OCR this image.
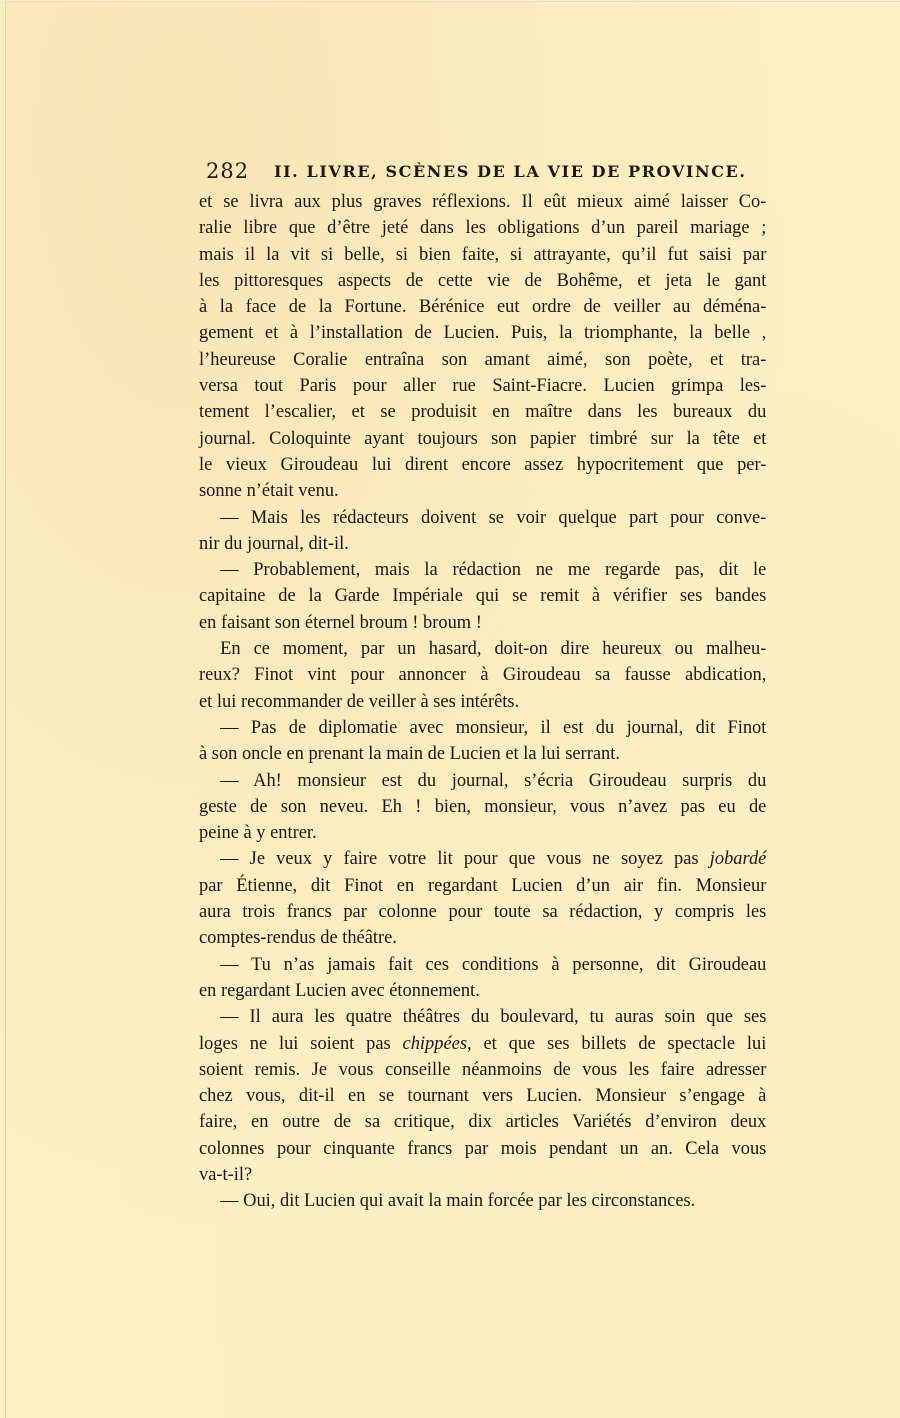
282 II. LIVRE, SCÈNES DE LA VIE DE PROVINCE.
et se livra aux plus graves réflexions. Il eût mieux aimé laisser Co-
ralie libre que d’être jeté dans les obligations d’un pareil mariage ;
mais il la vit si belle, si bien faite, si attrayante, qu’il fut saisi par
les pittoresques aspects de cette vie de Bohême, et jeta le gant
à la face de la Fortune. Bérénice eut ordre de veiller au déména-
gement et à l’installation de Lucien. Puis, la triomphante, la belle ,
l’heureuse Coralie entraîna son amant aimé, son poète, et tra-
versa tout Paris pour aller rue Saint-Fiacre. Lucien grimpa les-
tement l’escalier, et se produisit en maître dans les bureaux du
journal. Coloquinte ayant toujours son papier timbré sur la tête et
le vieux Giroudeau lui dirent encore assez hypocritement que per-
sonne n’était venu.
— Mais les rédacteurs doivent se voir quelque part pour conve-
nir du journal, dit-il.
— Probablement, mais la rédaction ne me regarde pas, dit le
capitaine de la Garde Impériale qui se remit à vérifier ses bandes
en faisant son éternel broum ! broum !
En ce moment, par un hasard, doit-on dire heureux ou malheu-
reux? Finot vint pour annoncer à Giroudeau sa fausse abdication,
et lui recommander de veiller à ses intérêts.
— Pas de diplomatie avec monsieur, il est du journal, dit Finot
à son oncle en prenant la main de Lucien et la lui serrant.
— Ah! monsieur est du journal, s’écria Giroudeau surpris du
geste de son neveu. Eh ! bien, monsieur, vous n’avez pas eu de
peine à y entrer.
— Je veux y faire votre lit pour que vous ne soyez pas jobardé
par Étienne, dit Finot en regardant Lucien d’un air fin. Monsieur
aura trois francs par colonne pour toute sa rédaction, y compris les
comptes-rendus de théâtre.
— Tu n’as jamais fait ces conditions à personne, dit Giroudeau
en regardant Lucien avec étonnement.
— Il aura les quatre théâtres du boulevard, tu auras soin que ses
loges ne lui soient pas chippées, et que ses billets de spectacle lui
soient remis. Je vous conseille néanmoins de vous les faire adresser
chez vous, dit-il en se tournant vers Lucien. Monsieur s’engage à
faire, en outre de sa critique, dix articles Variétés d’environ deux
colonnes pour cinquante francs par mois pendant un an. Cela vous
va-t-il?
— Oui, dit Lucien qui avait la main forcée par les circonstances.
